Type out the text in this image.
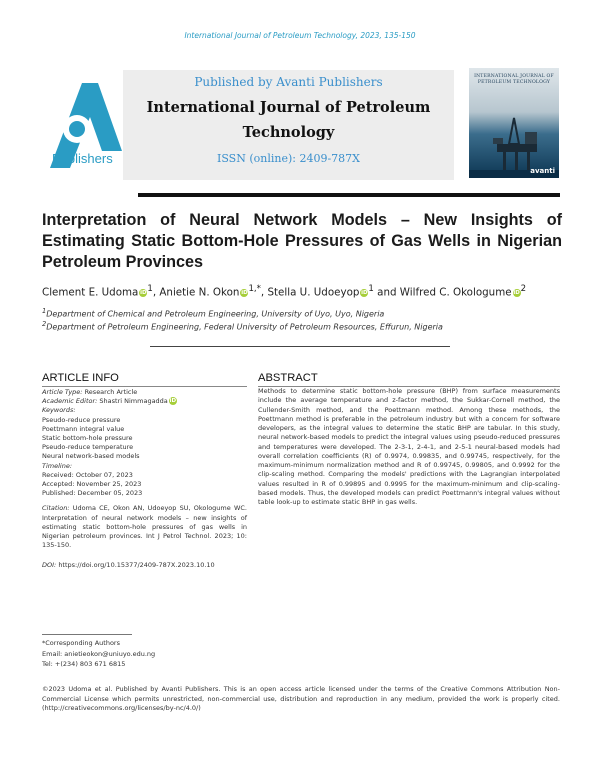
International Journal of Petroleum Technology, 2023, 135-150
Publishers
Published by Avanti Publishers
International Journal of Petroleum Technology
ISSN (online): 2409-787X
INTERNATIONAL JOURNAL OF PETROLEUM TECHNOLOGY
avanti
Interpretation of Neural Network Models – New Insights of Estimating Static Bottom-Hole Pressures of Gas Wells in Nigerian Petroleum Provinces
Clement E. Udoma $iD^1$, Anietie N. Okon $iD^{1,*}$, Stella U. Udoeyop $iD^1$ and Wilfred C. Okologume $iD^2$
$^1$Department of Chemical and Petroleum Engineering, University of Uyo, Uyo, Nigeria
$^2$Department of Petroleum Engineering, Federal University of Petroleum Resources, Effurun, Nigeria
ARTICLE INFO

Article Type: Research Article

Academic Editor: Shastri Nimmagadda iD

Keywords:

Pseudo-reduce pressure

Poettmann integral value

Static bottom-hole pressure

Pseudo-reduce temperature

Neural network-based models

Timeline:

Received: October 07, 2023

Accepted: November 25, 2023

Published: December 05, 2023

Citation: Udoma CE, Okon AN, Udoeyop SU, Okologume WC. Interpretation of neural network models – new insights of estimating static bottom-hole pressures of gas wells in Nigerian petroleum provinces. Int J Petrol Technol. 2023; 10: 135-150.

DOI: https://doi.org/10.15377/2409-787X.2023.10.10

ABSTRACT
Methods to determine static bottom-hole pressure (BHP) from surface measurements include the average temperature and z-factor method, the Sukkar-Cornell method, the Cullender-Smith method, and the Poettmann method. Among these methods, the Poettmann method is preferable in the petroleum industry but with a concern for software developers, as the integral values to determine the static BHP are tabular. In this study, neural network-based models to predict the integral values using pseudo-reduced pressures and temperatures were developed. The 2-3-1, 2-4-1, and 2-5-1 neural-based models had overall correlation coefficients (R) of 0.9974, 0.99835, and 0.99745, respectively, for the maximum-minimum normalization method and R of 0.99745, 0.99805, and 0.9992 for the clip-scaling method. Comparing the models' predictions with the Lagrangian interpolated values resulted in R of 0.99895 and 0.9995 for the maximum-minimum and clip-scaling-based models. Thus, the developed models can predict Poettmann's integral values without table look-up to estimate static BHP in gas wells.
*Corresponding Authors
Email: anietieokon@uniuyo.edu.ng
Tel: +(234) 803 671 6815
©2023 Udoma et al. Published by Avanti Publishers. This is an open access article licensed under the terms of the Creative Commons Attribution Non-Commercial License which permits unrestricted, non-commercial use, distribution and reproduction in any medium, provided the work is properly cited. (http://creativecommons.org/licenses/by-nc/4.0/)
